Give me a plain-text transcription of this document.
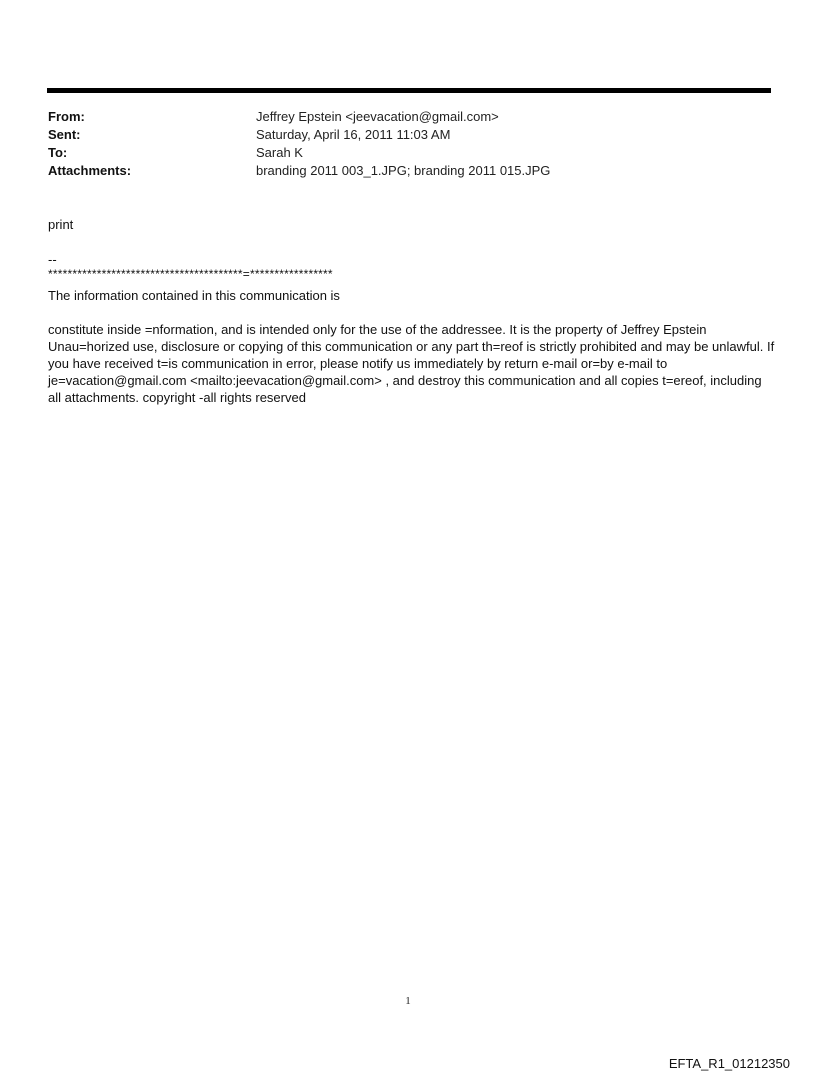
From:	Jeffrey Epstein <jeevacation@gmail.com>
Sent:	Saturday, April 16, 2011 11:03 AM
To:	Sarah K
Attachments:	branding 2011 003_1.JPG; branding 2011 015.JPG
print
--
****************************************=*****************
The information contained in this communication is
constitute inside =nformation, and is intended only for the use of the addressee. It is the property of Jeffrey Epstein Unau=horized use, disclosure or copying of this communication or any part th=reof is strictly prohibited and may be unlawful. If you have received t=is communication in error, please notify us immediately by return e-mail or=by e-mail to je=vacation@gmail.com <mailto:jeevacation@gmail.com> , and destroy this communication and all copies t=ereof, including all attachments. copyright -all rights reserved
1
EFTA_R1_01212350
